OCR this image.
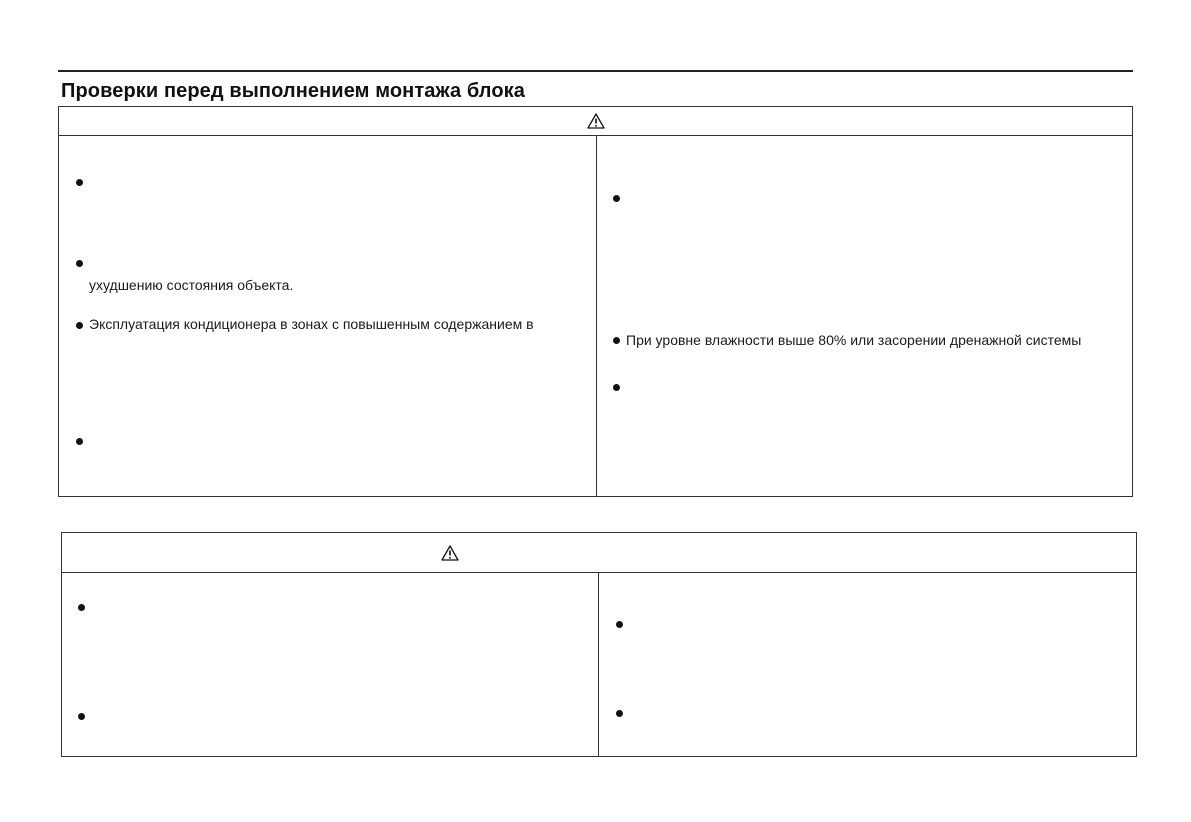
Проверки перед выполнением монтажа блока
ухудшению состояния объекта.
Эксплуатация кондиционера в зонах с повышенным содержанием в
При уровне влажности выше 80% или засорении дренажной системы
